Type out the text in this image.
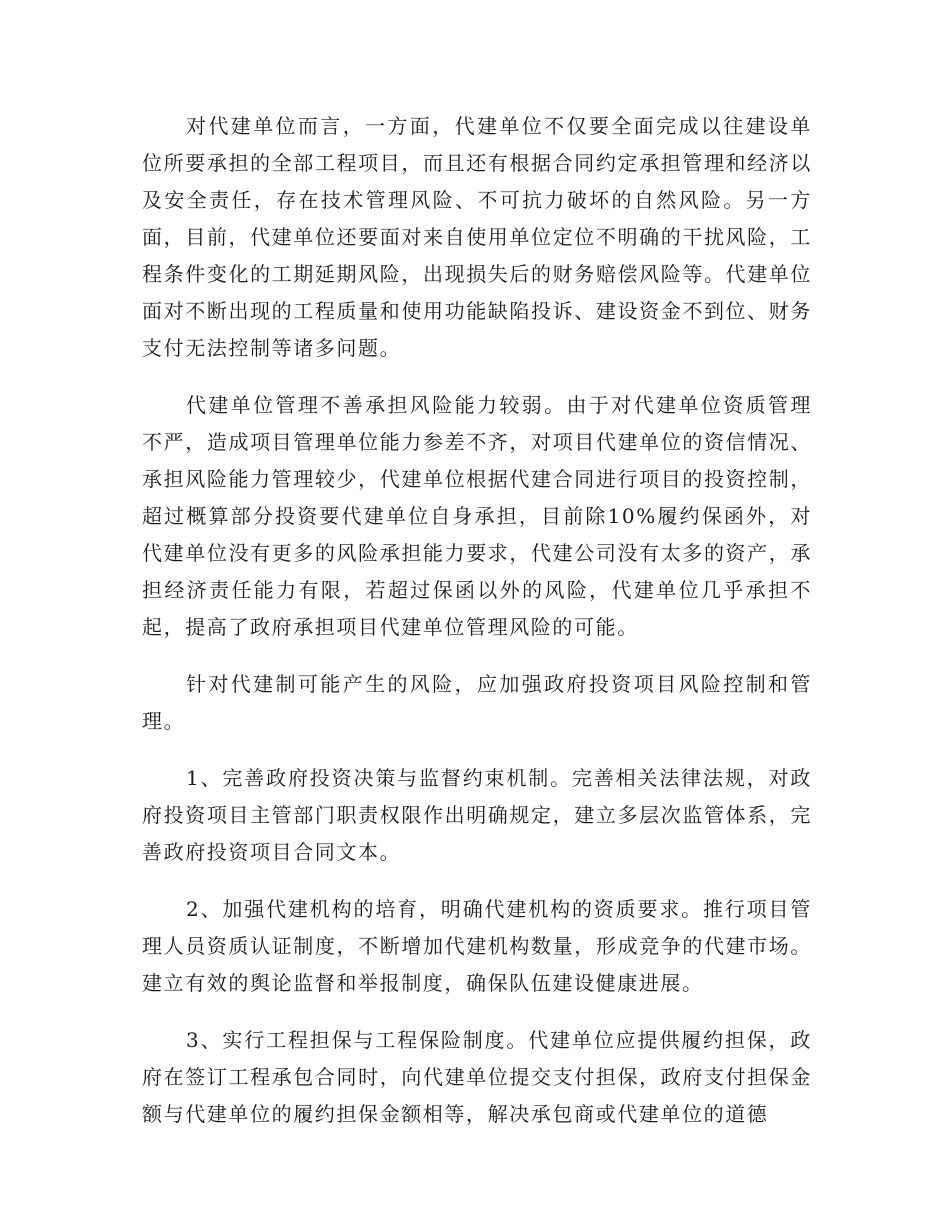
对代建单位而言，一方面，代建单位不仅要全面完成以往建设单位所要承担的全部工程项目，而且还有根据合同约定承担管理和经济以及安全责任，存在技术管理风险、不可抗力破坏的自然风险。另一方面，目前，代建单位还要面对来自使用单位定位不明确的干扰风险，工程条件变化的工期延期风险，出现损失后的财务赔偿风险等。代建单位面对不断出现的工程质量和使用功能缺陷投诉、建设资金不到位、财务支付无法控制等诸多问题。

代建单位管理不善承担风险能力较弱。由于对代建单位资质管理不严，造成项目管理单位能力参差不齐，对项目代建单位的资信情况、承担风险能力管理较少，代建单位根据代建合同进行项目的投资控制，超过概算部分投资要代建单位自身承担，目前除10%履约保函外，对代建单位没有更多的风险承担能力要求，代建公司没有太多的资产，承担经济责任能力有限，若超过保函以外的风险，代建单位几乎承担不起，提高了政府承担项目代建单位管理风险的可能。

针对代建制可能产生的风险，应加强政府投资项目风险控制和管理。

1、完善政府投资决策与监督约束机制。完善相关法律法规，对政府投资项目主管部门职责权限作出明确规定，建立多层次监管体系，完善政府投资项目合同文本。

2、加强代建机构的培育，明确代建机构的资质要求。推行项目管理人员资质认证制度，不断增加代建机构数量，形成竞争的代建市场。建立有效的舆论监督和举报制度，确保队伍建设健康进展。

3、实行工程担保与工程保险制度。代建单位应提供履约担保，政府在签订工程承包合同时，向代建单位提交支付担保，政府支付担保金额与代建单位的履约担保金额相等，解决承包商或代建单位的道德
